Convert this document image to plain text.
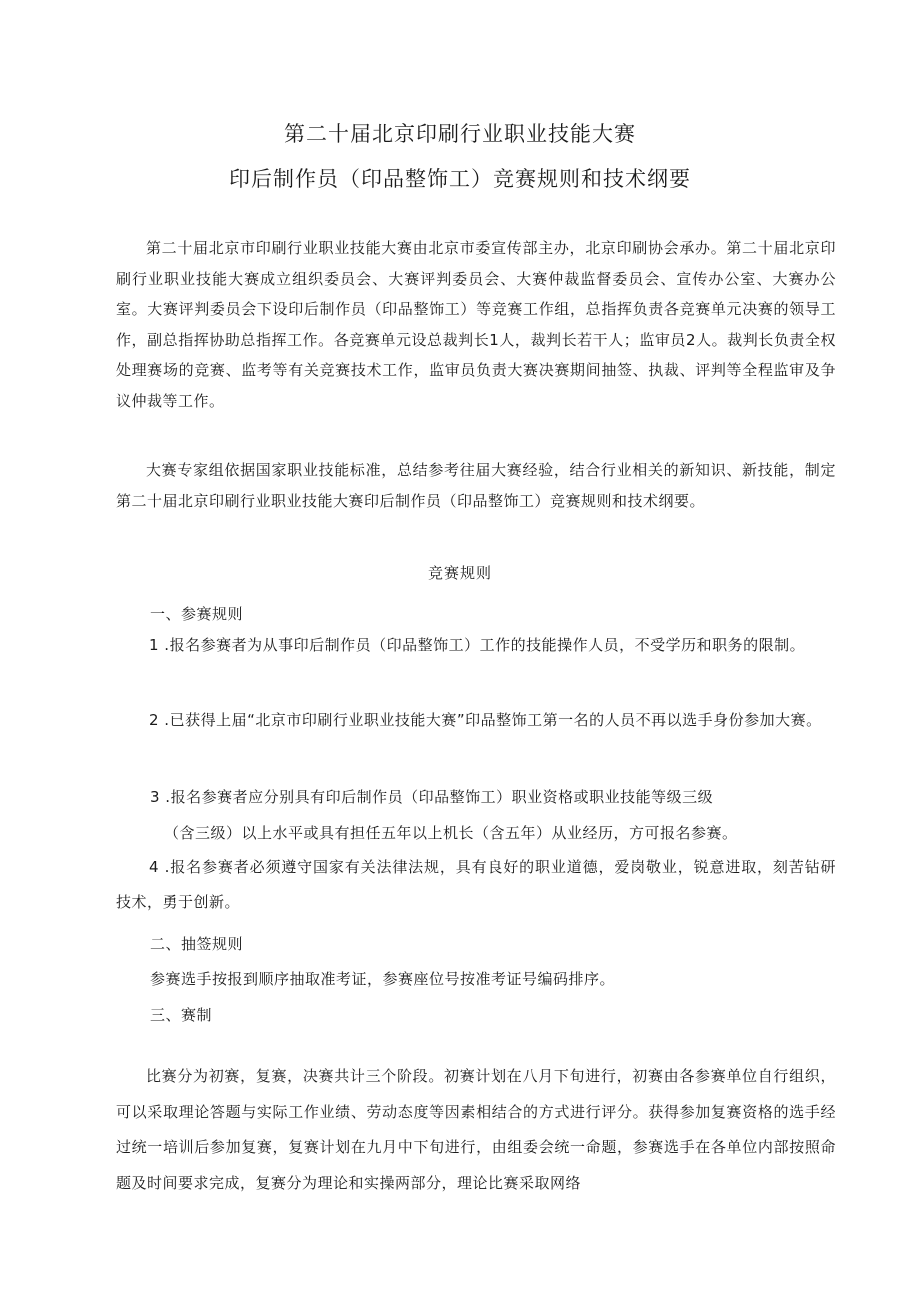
第二十届北京印刷行业职业技能大赛
印后制作员（印品整饰工）竞赛规则和技术纲要
第二十届北京市印刷行业职业技能大赛由北京市委宣传部主办，北京印刷协会承办。第二十届北京印刷行业职业技能大赛成立组织委员会、大赛评判委员会、大赛仲裁监督委员会、宣传办公室、大赛办公室。大赛评判委员会下设印后制作员（印品整饰工）等竞赛工作组，总指挥负责各竞赛单元决赛的领导工作，副总指挥协助总指挥工作。各竞赛单元设总裁判长1人，裁判长若干人；监审员2人。裁判长负责全权处理赛场的竞赛、监考等有关竞赛技术工作，监审员负责大赛决赛期间抽签、执裁、评判等全程监审及争议仲裁等工作。
大赛专家组依据国家职业技能标准，总结参考往届大赛经验，结合行业相关的新知识、新技能，制定第二十届北京印刷行业职业技能大赛印后制作员（印品整饰工）竞赛规则和技术纲要。
竞赛规则
一、参赛规则
1 .报名参赛者为从事印后制作员（印品整饰工）工作的技能操作人员，不受学历和职务的限制。
2 .已获得上届“北京市印刷行业职业技能大赛”印品整饰工第一名的人员不再以选手身份参加大赛。
3 .报名参赛者应分别具有印后制作员（印品整饰工）职业资格或职业技能等级三级
（含三级）以上水平或具有担任五年以上机长（含五年）从业经历，方可报名参赛。
4 .报名参赛者必须遵守国家有关法律法规，具有良好的职业道德，爱岗敬业，锐意进取，刻苦钻研技术，勇于创新。
二、抽签规则
参赛选手按报到顺序抽取准考证，参赛座位号按准考证号编码排序。
三、赛制
比赛分为初赛，复赛，决赛共计三个阶段。初赛计划在八月下旬进行，初赛由各参赛单位自行组织，可以采取理论答题与实际工作业绩、劳动态度等因素相结合的方式进行评分。获得参加复赛资格的选手经过统一培训后参加复赛，复赛计划在九月中下旬进行，由组委会统一命题，参赛选手在各单位内部按照命题及时间要求完成，复赛分为理论和实操两部分，理论比赛采取网络
